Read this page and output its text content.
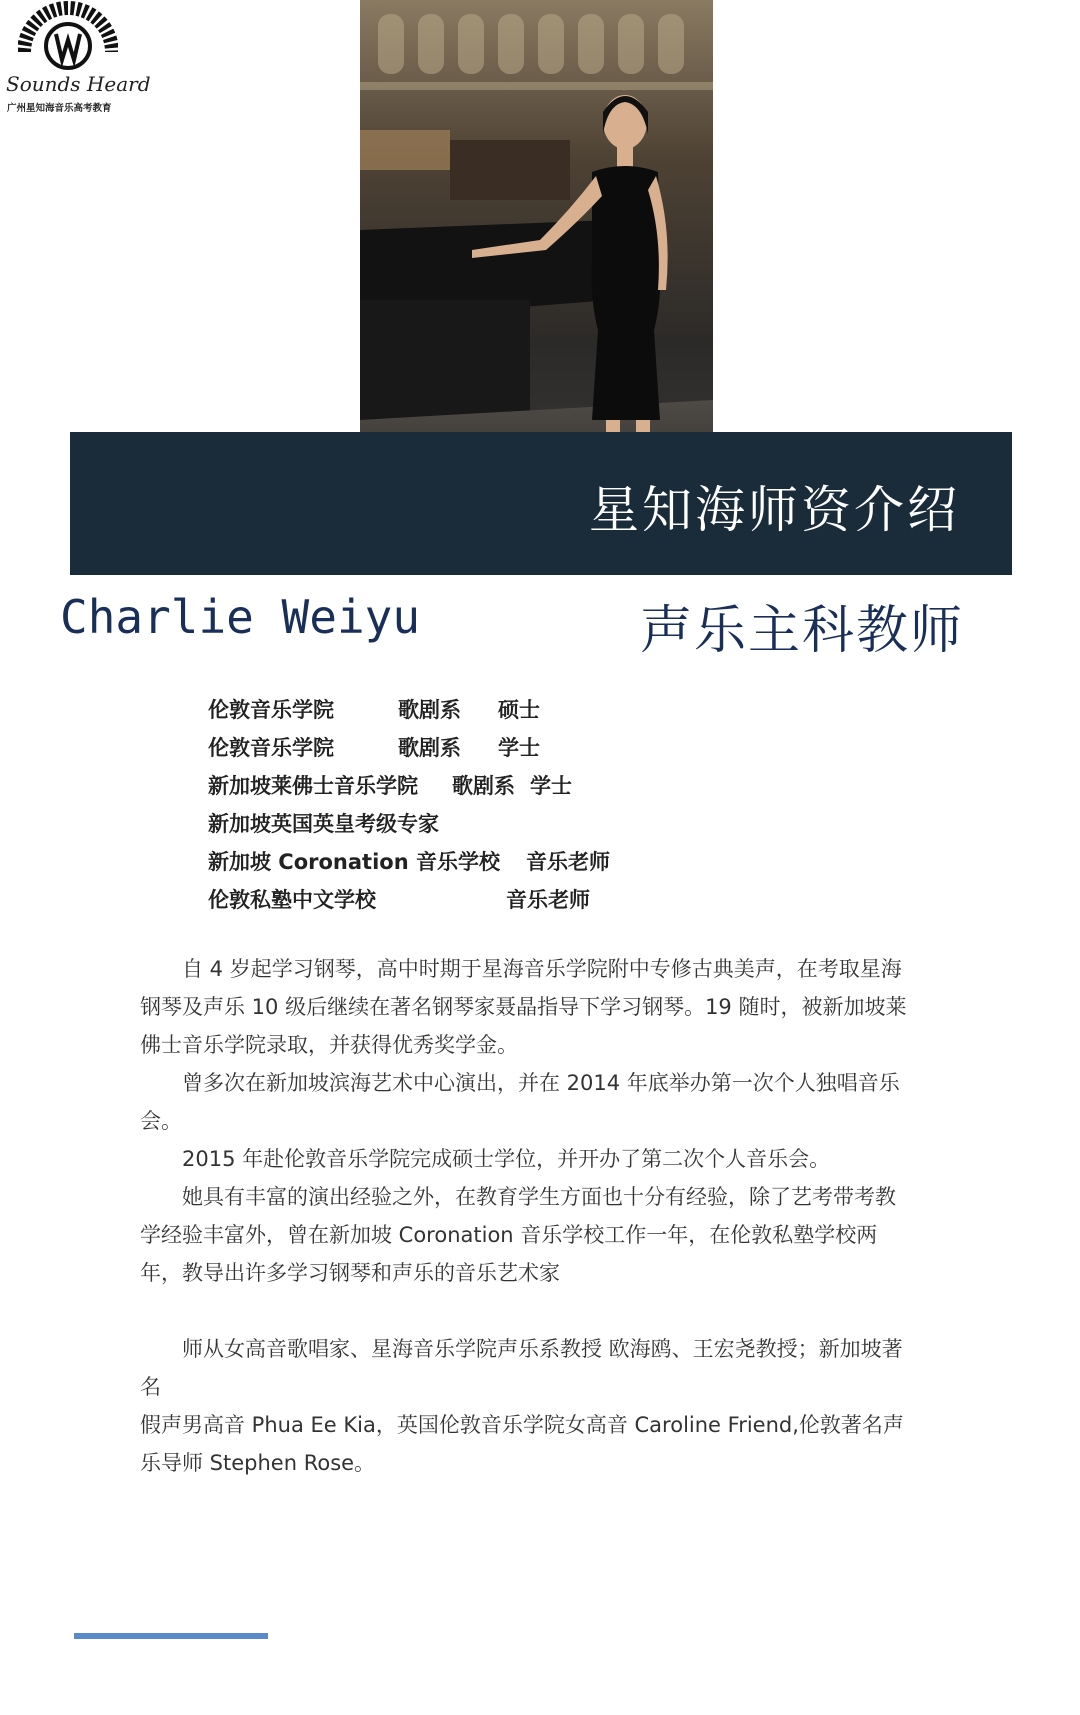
Sounds Heard
广州星知海音乐高考教育
星知海师资介绍
Charlie Weiyu	声乐主科教师
伦敦音乐学院	歌剧系 硕士
伦敦音乐学院	歌剧系 学士
新加坡莱佛士音乐学院 歌剧系 学士
新加坡英国英皇考级专家
新加坡 Coronation 音乐学校 音乐老师
伦敦私塾中文学校	音乐老师

自 4 岁起学习钢琴，高中时期于星海音乐学院附中专修古典美声，在考取星海钢琴及声乐 10 级后继续在著名钢琴家聂晶指导下学习钢琴。19 随时，被新加坡莱佛士音乐学院录取，并获得优秀奖学金。

曾多次在新加坡滨海艺术中心演出，并在 2014 年底举办第一次个人独唱音乐会。

2015 年赴伦敦音乐学院完成硕士学位，并开办了第二次个人音乐会。

她具有丰富的演出经验之外，在教育学生方面也十分有经验，除了艺考带考教学经验丰富外，曾在新加坡 Coronation 音乐学校工作一年，在伦敦私塾学校两年，教导出许多学习钢琴和声乐的音乐艺术家

师从女高音歌唱家、星海音乐学院声乐系教授 欧海鸥、王宏尧教授；新加坡著名

假声男高音 Phua Ee Kia，英国伦敦音乐学院女高音 Caroline Friend,伦敦著名声

乐导师 Stephen Rose。
